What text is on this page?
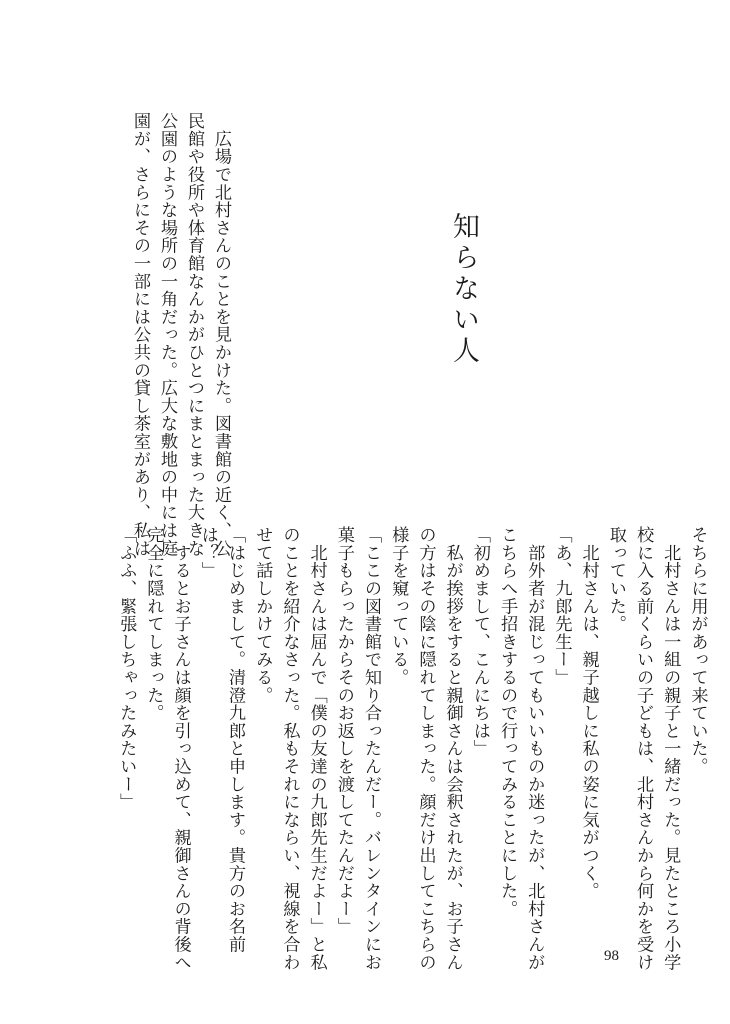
知らない人
　広場で北村さんのことを見かけた。図書館の近く、公
民館や役所や体育館なんかがひとつにまとまった大きな
公園のような場所の一角だった。広大な敷地の中には庭
園が、さらにその一部には公共の貸し茶室があり、私は
そちらに用があって来ていた。
　北村さんは一組の親子と一緒だった。見たところ小学
校に入る前くらいの子どもは、北村さんから何かを受け
取っていた。
　北村さんは、親子越しに私の姿に気がつく。
「あ、九郎先生ー」
　部外者が混じってもいいものか迷ったが、北村さんが
こちらへ手招きするので行ってみることにした。
「初めまして、こんにちは」
　私が挨拶をすると親御さんは会釈されたが、お子さん
の方はその陰に隠れてしまった。顔だけ出してこちらの
様子を窺っている。
「ここの図書館で知り合ったんだー。バレンタインにお
菓子もらったからそのお返しを渡してたんだよー」
　北村さんは屈んで「僕の友達の九郎先生だよー」と私
のことを紹介なさった。私もそれにならい、視線を合わ
せて話しかけてみる。
「はじめまして。清澄九郎と申します。貴方のお名前
は？」
　するとお子さんは顔を引っ込めて、親御さんの背後へ
完全に隠れてしまった。
「ふふ、緊張しちゃったみたいー」
98
